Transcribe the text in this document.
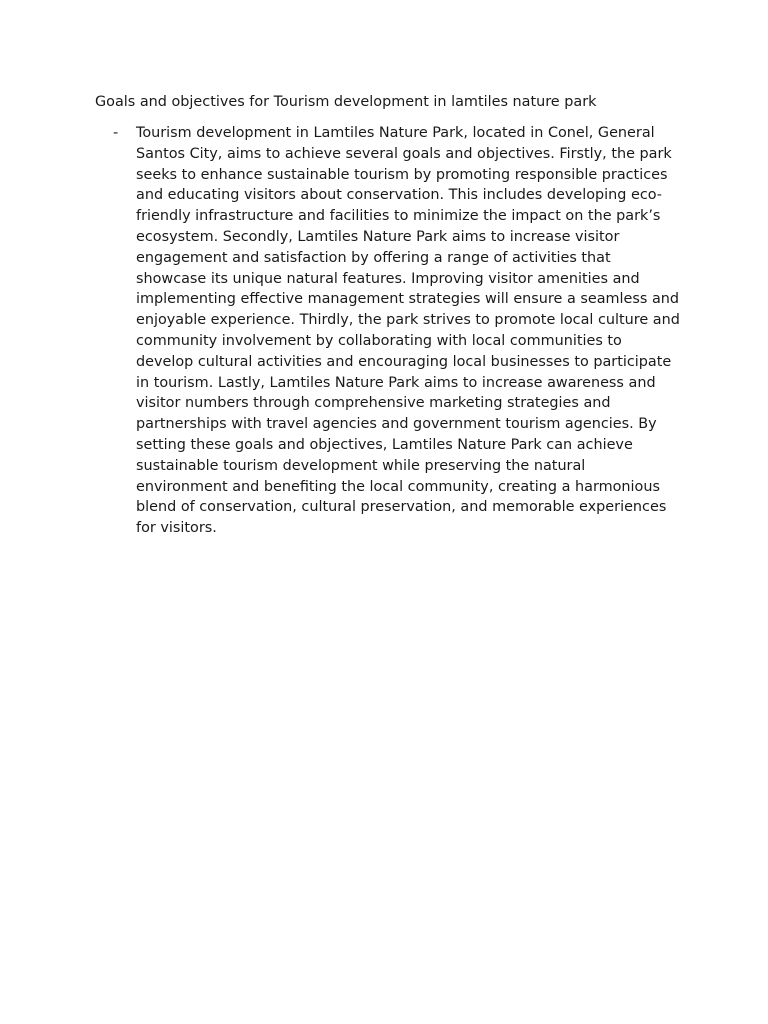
Goals and objectives for Tourism development in lamtiles nature park

- Tourism development in Lamtiles Nature Park, located in Conel, General Santos City, aims to achieve several goals and objectives. Firstly, the park seeks to enhance sustainable tourism by promoting responsible practices and educating visitors about conservation. This includes developing eco-friendly infrastructure and facilities to minimize the impact on the park’s ecosystem. Secondly, Lamtiles Nature Park aims to increase visitor engagement and satisfaction by offering a range of activities that showcase its unique natural features. Improving visitor amenities and implementing effective management strategies will ensure a seamless and enjoyable experience. Thirdly, the park strives to promote local culture and community involvement by collaborating with local communities to develop cultural activities and encouraging local businesses to participate in tourism. Lastly, Lamtiles Nature Park aims to increase awareness and visitor numbers through comprehensive marketing strategies and partnerships with travel agencies and government tourism agencies. By setting these goals and objectives, Lamtiles Nature Park can achieve sustainable tourism development while preserving the natural environment and benefiting the local community, creating a harmonious blend of conservation, cultural preservation, and memorable experiences for visitors.
